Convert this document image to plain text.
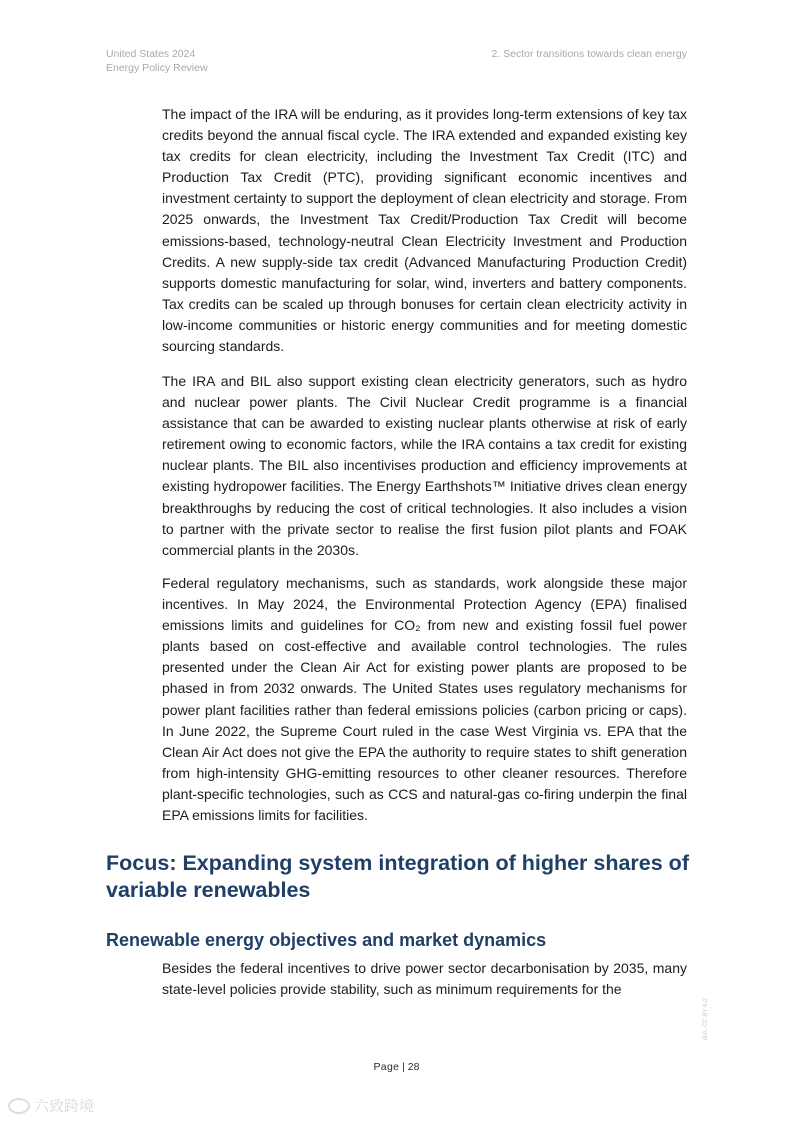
United States 2024
Energy Policy Review
2. Sector transitions towards clean energy

The impact of the IRA will be enduring, as it provides long-term extensions of key tax credits beyond the annual fiscal cycle. The IRA extended and expanded existing key tax credits for clean electricity, including the Investment Tax Credit (ITC) and Production Tax Credit (PTC), providing significant economic incentives and investment certainty to support the deployment of clean electricity and storage. From 2025 onwards, the Investment Tax Credit/Production Tax Credit will become emissions-based, technology-neutral Clean Electricity Investment and Production Credits. A new supply-side tax credit (Advanced Manufacturing Production Credit) supports domestic manufacturing for solar, wind, inverters and battery components. Tax credits can be scaled up through bonuses for certain clean electricity activity in low-income communities or historic energy communities and for meeting domestic sourcing standards.

The IRA and BIL also support existing clean electricity generators, such as hydro and nuclear power plants. The Civil Nuclear Credit programme is a financial assistance that can be awarded to existing nuclear plants otherwise at risk of early retirement owing to economic factors, while the IRA contains a tax credit for existing nuclear plants. The BIL also incentivises production and efficiency improvements at existing hydropower facilities. The Energy Earthshots™ Initiative drives clean energy breakthroughs by reducing the cost of critical technologies. It also includes a vision to partner with the private sector to realise the first fusion pilot plants and FOAK commercial plants in the 2030s.

Federal regulatory mechanisms, such as standards, work alongside these major incentives. In May 2024, the Environmental Protection Agency (EPA) finalised emissions limits and guidelines for CO₂ from new and existing fossil fuel power plants based on cost-effective and available control technologies. The rules presented under the Clean Air Act for existing power plants are proposed to be phased in from 2032 onwards. The United States uses regulatory mechanisms for power plant facilities rather than federal emissions policies (carbon pricing or caps). In June 2022, the Supreme Court ruled in the case West Virginia vs. EPA that the Clean Air Act does not give the EPA the authority to require states to shift generation from high-intensity GHG-emitting resources to other cleaner resources. Therefore plant-specific technologies, such as CCS and natural-gas co-firing underpin the final EPA emissions limits for facilities.

Focus: Expanding system integration of higher shares of variable renewables
Renewable energy objectives and market dynamics

Besides the federal incentives to drive power sector decarbonisation by 2035, many state-level policies provide stability, such as minimum requirements for the

Page | 28
IEA. CC BY 4.0.
六致跨境
